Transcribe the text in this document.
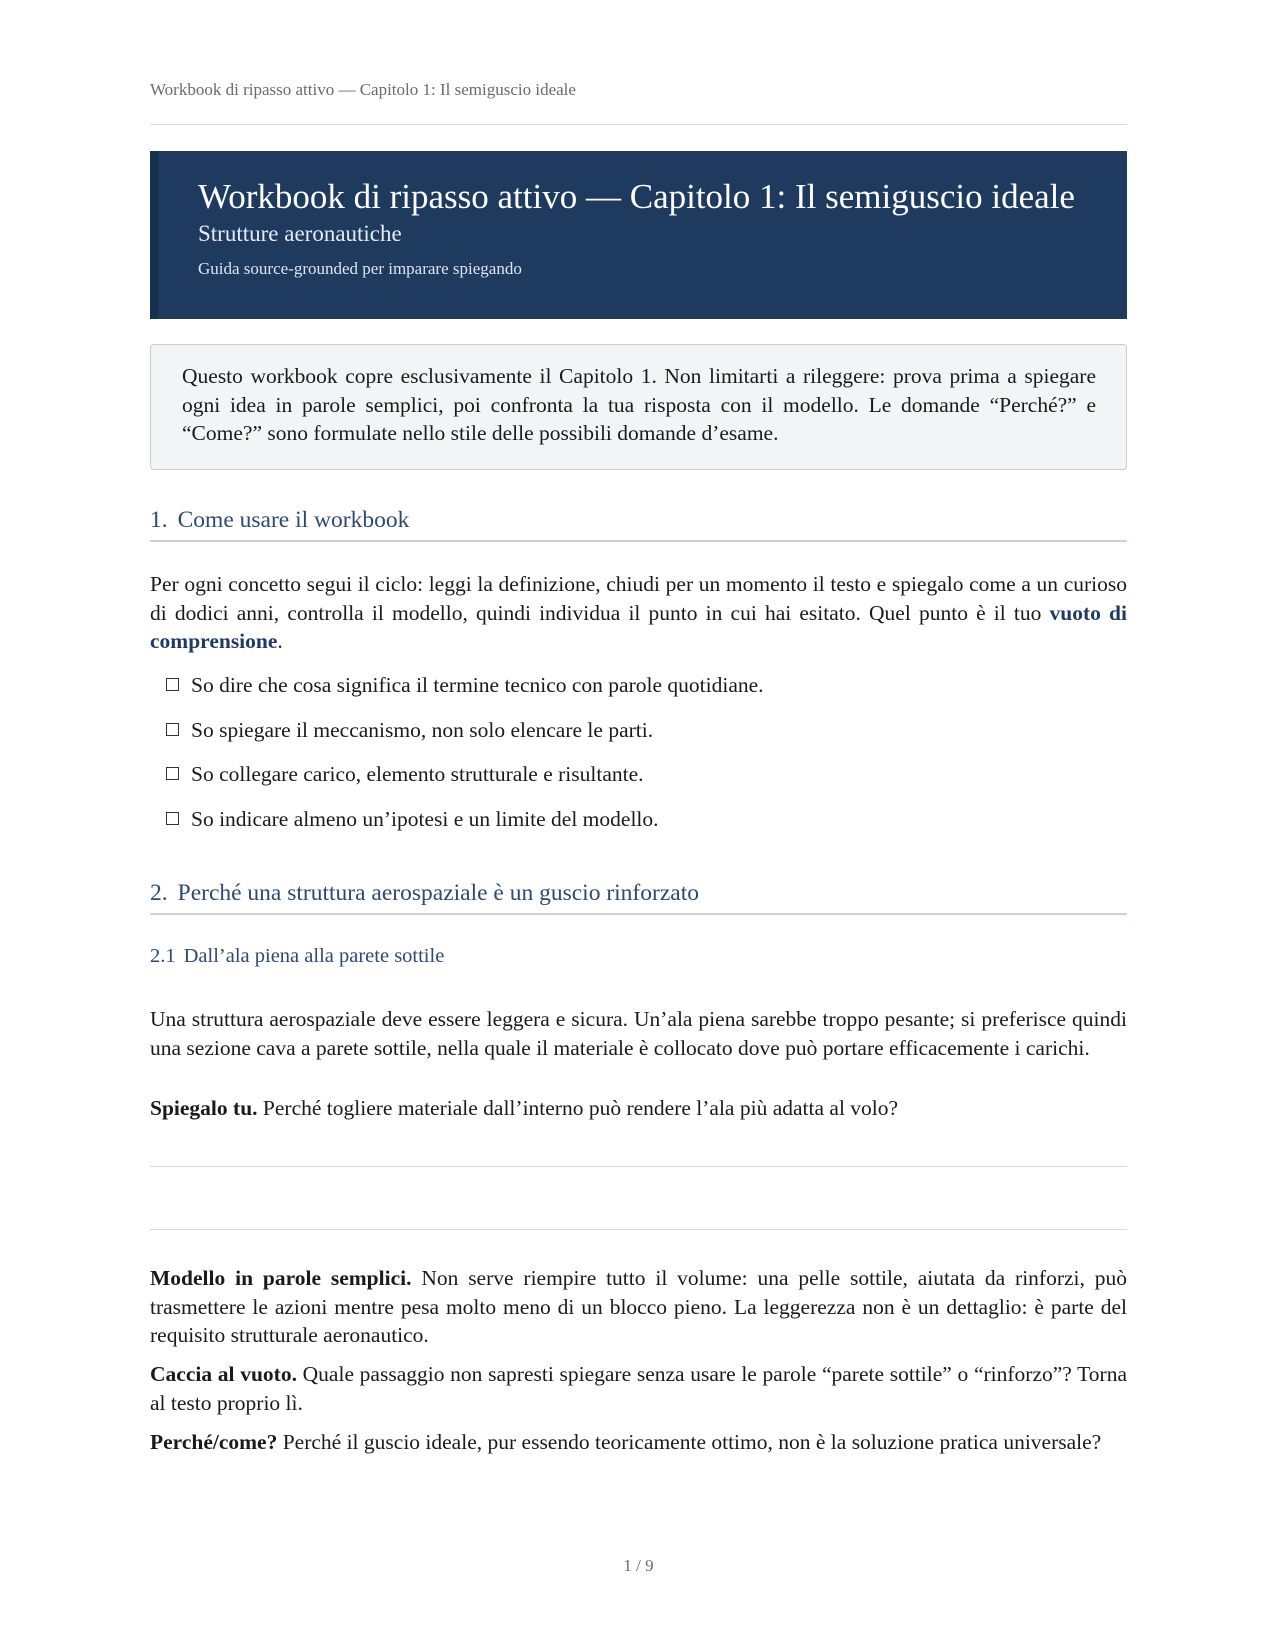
Workbook di ripasso attivo — Capitolo 1: Il semiguscio ideale
Workbook di ripasso attivo — Capitolo 1: Il semiguscio ideale
Strutture aeronautiche
Guida source-grounded per imparare spiegando
Questo workbook copre esclusivamente il Capitolo 1. Non limitarti a rileggere: prova prima a spiegare ogni idea in parole semplici, poi confronta la tua risposta con il modello. Le domande “Perché?” e “Come?” sono formulate nello stile delle possibili domande d’esame.
1. Come usare il workbook
Per ogni concetto segui il ciclo: leggi la definizione, chiudi per un momento il testo e spiegalo come a un curioso di dodici anni, controlla il modello, quindi individua il punto in cui hai esitato. Quel punto è il tuo vuoto di comprensione.
So dire che cosa significa il termine tecnico con parole quotidiane.
So spiegare il meccanismo, non solo elencare le parti.
So collegare carico, elemento strutturale e risultante.
So indicare almeno un’ipotesi e un limite del modello.
2. Perché una struttura aerospaziale è un guscio rinforzato
2.1 Dall’ala piena alla parete sottile
Una struttura aerospaziale deve essere leggera e sicura. Un’ala piena sarebbe troppo pesante; si preferisce quindi una sezione cava a parete sottile, nella quale il materiale è collocato dove può portare efficacemente i carichi.
Spiegalo tu. Perché togliere materiale dall’interno può rendere l’ala più adatta al volo?
Modello in parole semplici. Non serve riempire tutto il volume: una pelle sottile, aiutata da rinforzi, può trasmettere le azioni mentre pesa molto meno di un blocco pieno. La leggerezza non è un dettaglio: è parte del requisito strutturale aeronautico.
Caccia al vuoto. Quale passaggio non sapresti spiegare senza usare le parole “parete sottile” o “rinforzo”? Torna al testo proprio lì.
Perché/come? Perché il guscio ideale, pur essendo teoricamente ottimo, non è la soluzione pratica universale?
1 / 9
